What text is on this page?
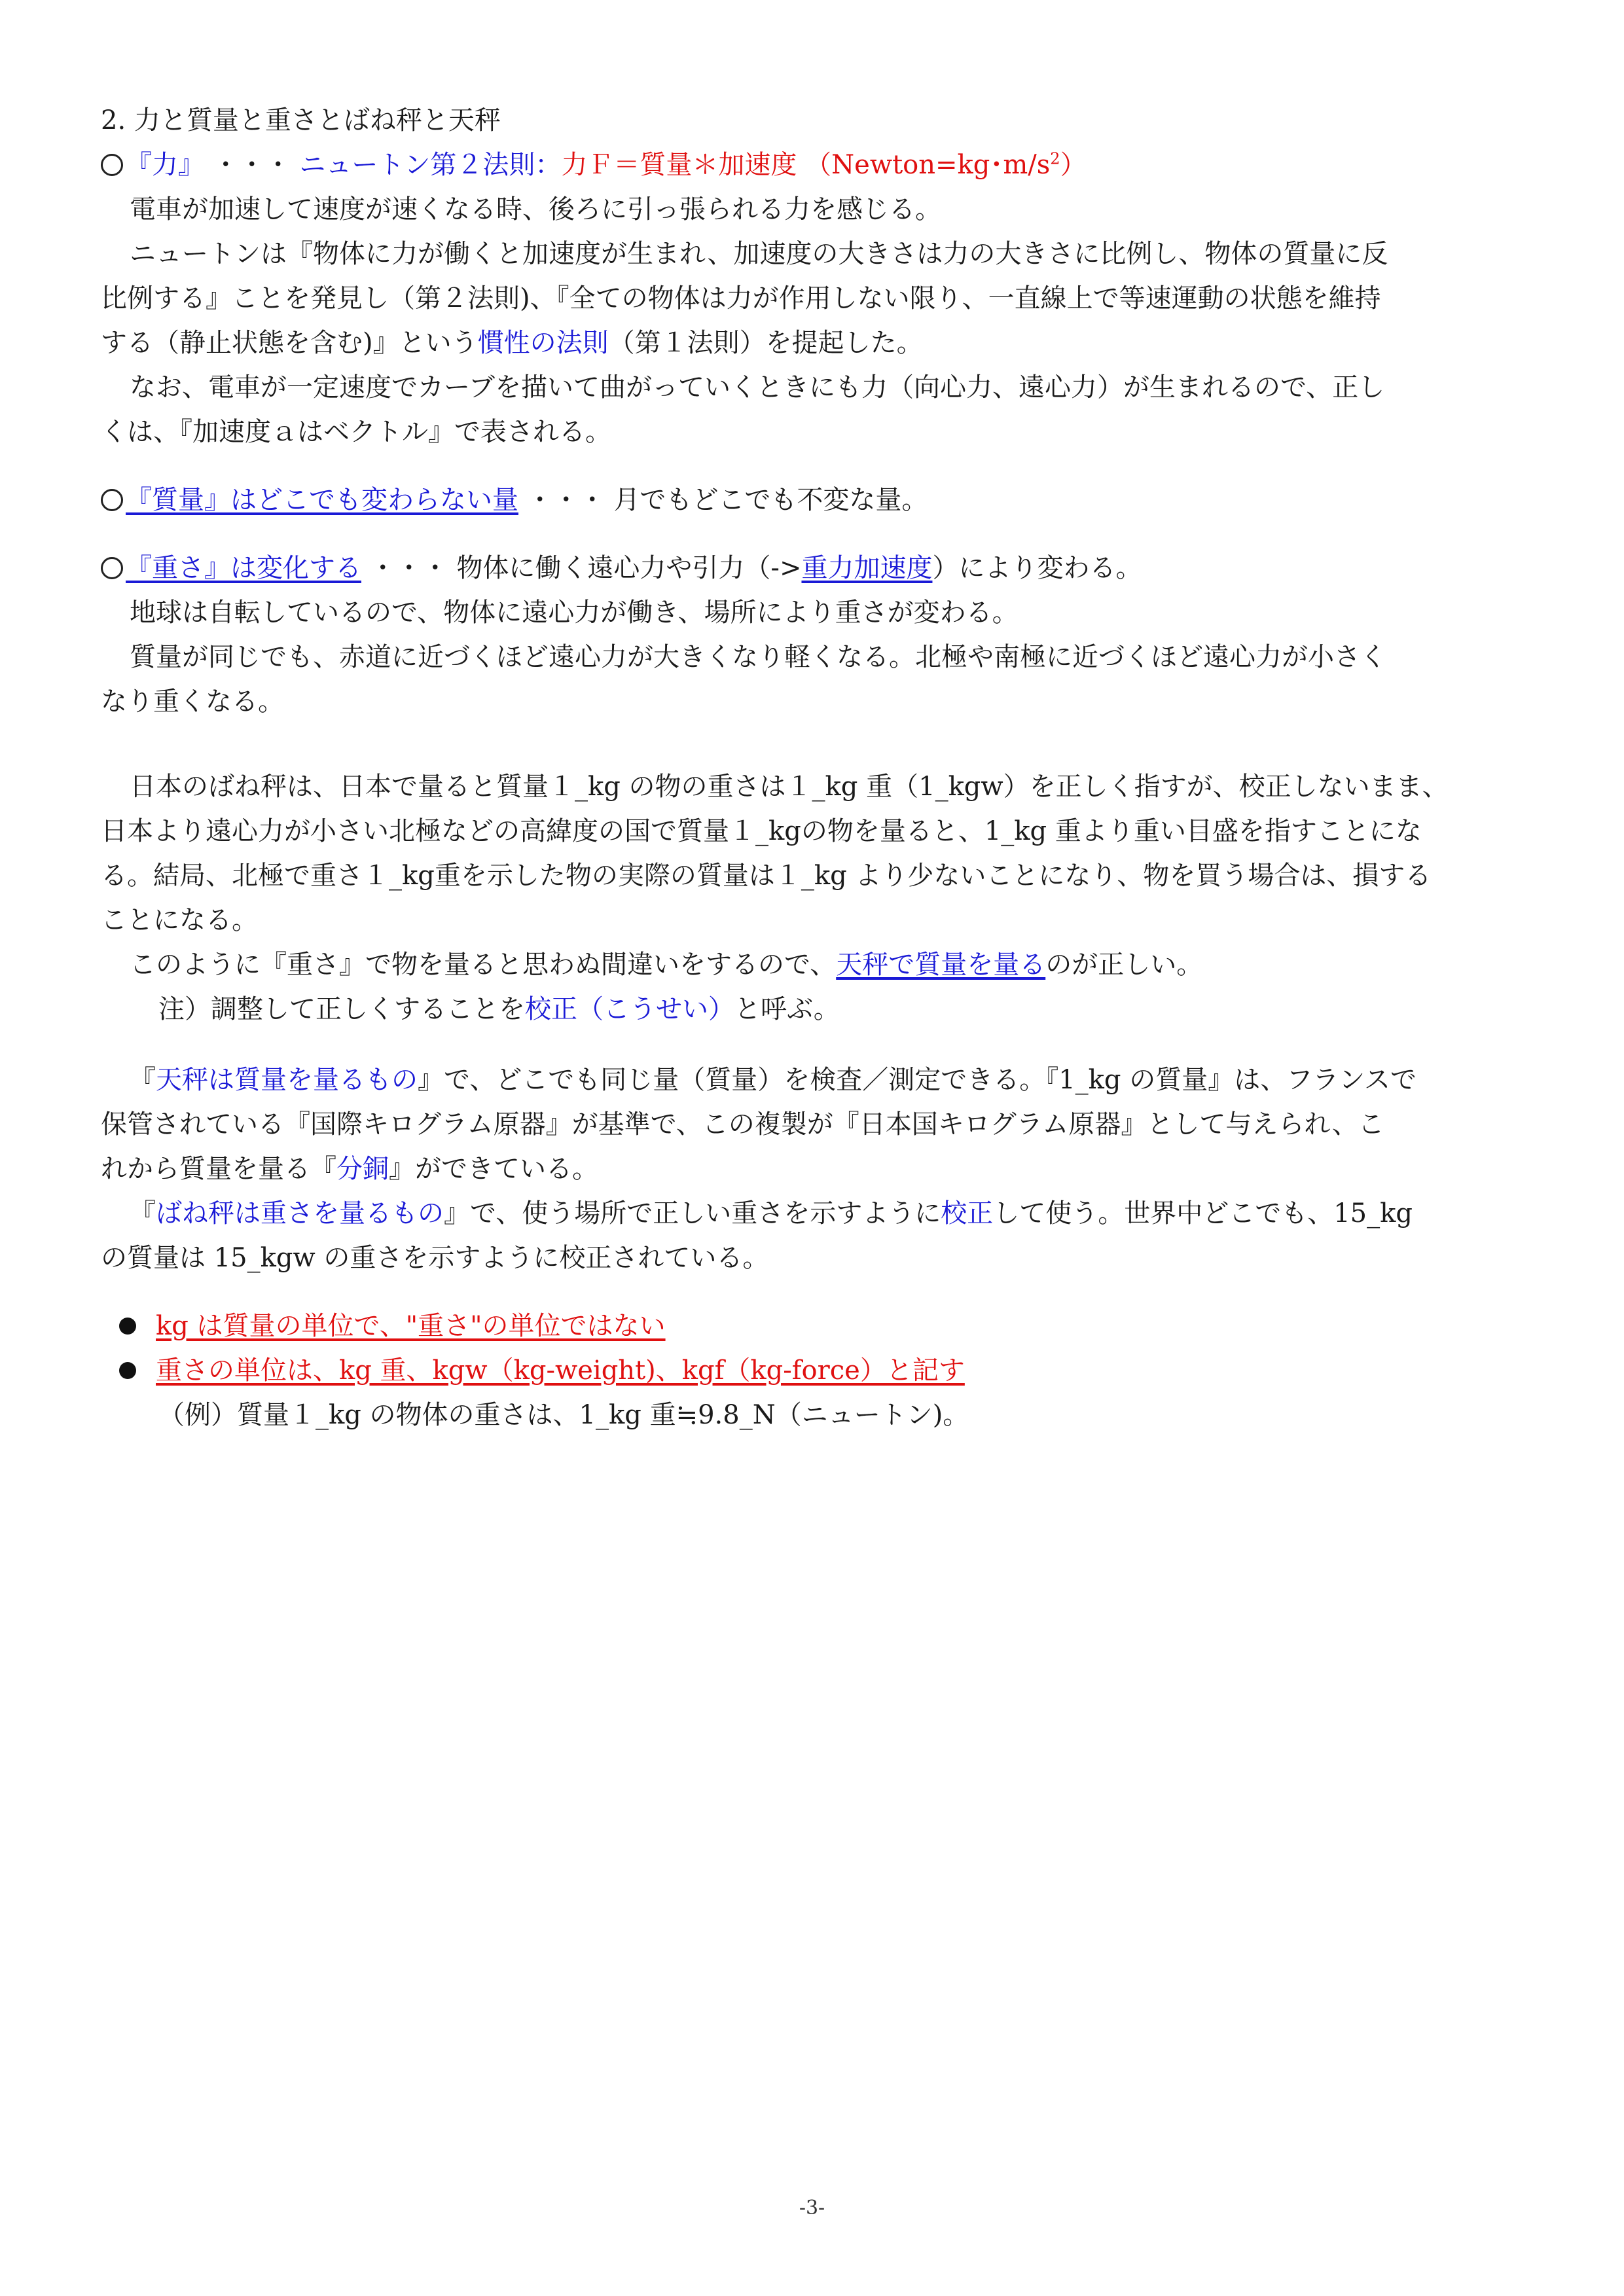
2. 力と質量と重さとばね秤と天秤
『力』 ・・・ ニュートン第２法則：力Ｆ＝質量＊加速度 （Newton=kg･$m/s^2$）
電車が加速して速度が速くなる時、後ろに引っ張られる力を感じる。
ニュートンは『物体に力が働くと加速度が生まれ、加速度の大きさは力の大きさに比例し、物体の質量に反
比例する』ことを発見し（第２法則)、『全ての物体は力が作用しない限り、一直線上で等速運動の状態を維持
する（静止状態を含む)』という慣性の法則（第１法則）を提起した。
なお、電車が一定速度でカーブを描いて曲がっていくときにも力（向心力、遠心力）が生まれるので、正し
くは、『加速度ａはベクトル』で表される。
『質量』はどこでも変わらない量 ・・・ 月でもどこでも不変な量。
『重さ』は変化する ・・・ 物体に働く遠心力や引力（->重力加速度）により変わる。
地球は自転しているので、物体に遠心力が働き、場所により重さが変わる。
質量が同じでも、赤道に近づくほど遠心力が大きくなり軽くなる。北極や南極に近づくほど遠心力が小さく
なり重くなる。
日本のばね秤は、日本で量ると質量１_kg の物の重さは１_kg 重（1_kgw）を正しく指すが、校正しないまま、
日本より遠心力が小さい北極などの高緯度の国で質量１_kgの物を量ると、1_kg 重より重い目盛を指すことにな
る。結局、北極で重さ１_kg重を示した物の実際の質量は１_kg より少ないことになり、物を買う場合は、損する
ことになる。
このように『重さ』で物を量ると思わぬ間違いをするので、天秤で質量を量るのが正しい。
注）調整して正しくすることを校正（こうせい）と呼ぶ。
『天秤は質量を量るもの』で、どこでも同じ量（質量）を検査／測定できる。『1_kg の質量』は、フランスで
保管されている『国際キログラム原器』が基準で、この複製が『日本国キログラム原器』として与えられ、こ
れから質量を量る『分銅』ができている。
『ばね秤は重さを量るもの』で、使う場所で正しい重さを示すように校正して使う。世界中どこでも、15_kg
の質量は 15_kgw の重さを示すように校正されている。
kg は質量の単位で、"重さ"の単位ではない
重さの単位は、kg 重、kgw（kg-weight)、kgf（kg-force）と記す
（例）質量１_kg の物体の重さは、1_kg 重≒9.8_N（ニュートン)。
-3-
